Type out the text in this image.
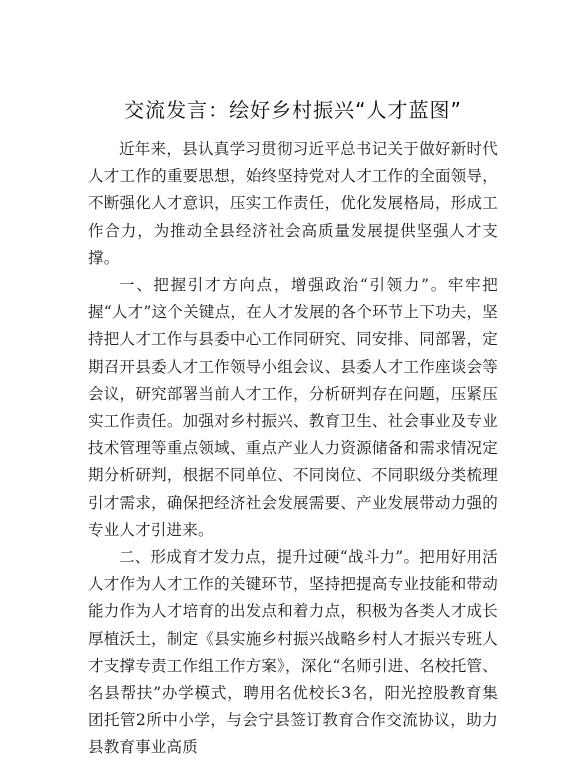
交流发言：绘好乡村振兴“人才蓝图”

近年来，县认真学习贯彻习近平总书记关于做好新时代人才工作的重要思想，始终坚持党对人才工作的全面领导，不断强化人才意识，压实工作责任，优化发展格局，形成工作合力，为推动全县经济社会高质量发展提供坚强人才支撑。

一、把握引才方向点，增强政治“引领力”。牢牢把握“人才”这个关键点，在人才发展的各个环节上下功夫，坚持把人才工作与县委中心工作同研究、同安排、同部署，定期召开县委人才工作领导小组会议、县委人才工作座谈会等会议，研究部署当前人才工作，分析研判存在问题，压紧压实工作责任。加强对乡村振兴、教育卫生、社会事业及专业技术管理等重点领域、重点产业人力资源储备和需求情况定期分析研判，根据不同单位、不同岗位、不同职级分类梳理引才需求，确保把经济社会发展需要、产业发展带动力强的专业人才引进来。

二、形成育才发力点，提升过硬“战斗力”。把用好用活人才作为人才工作的关键环节，坚持把提高专业技能和带动能力作为人才培育的出发点和着力点，积极为各类人才成长厚植沃土，制定《县实施乡村振兴战略乡村人才振兴专班人才支撑专责工作组工作方案》，深化“名师引进、名校托管、名县帮扶”办学模式，聘用名优校长3名，阳光控股教育集团托管2所中小学，与会宁县签订教育合作交流协议，助力县教育事业高质
